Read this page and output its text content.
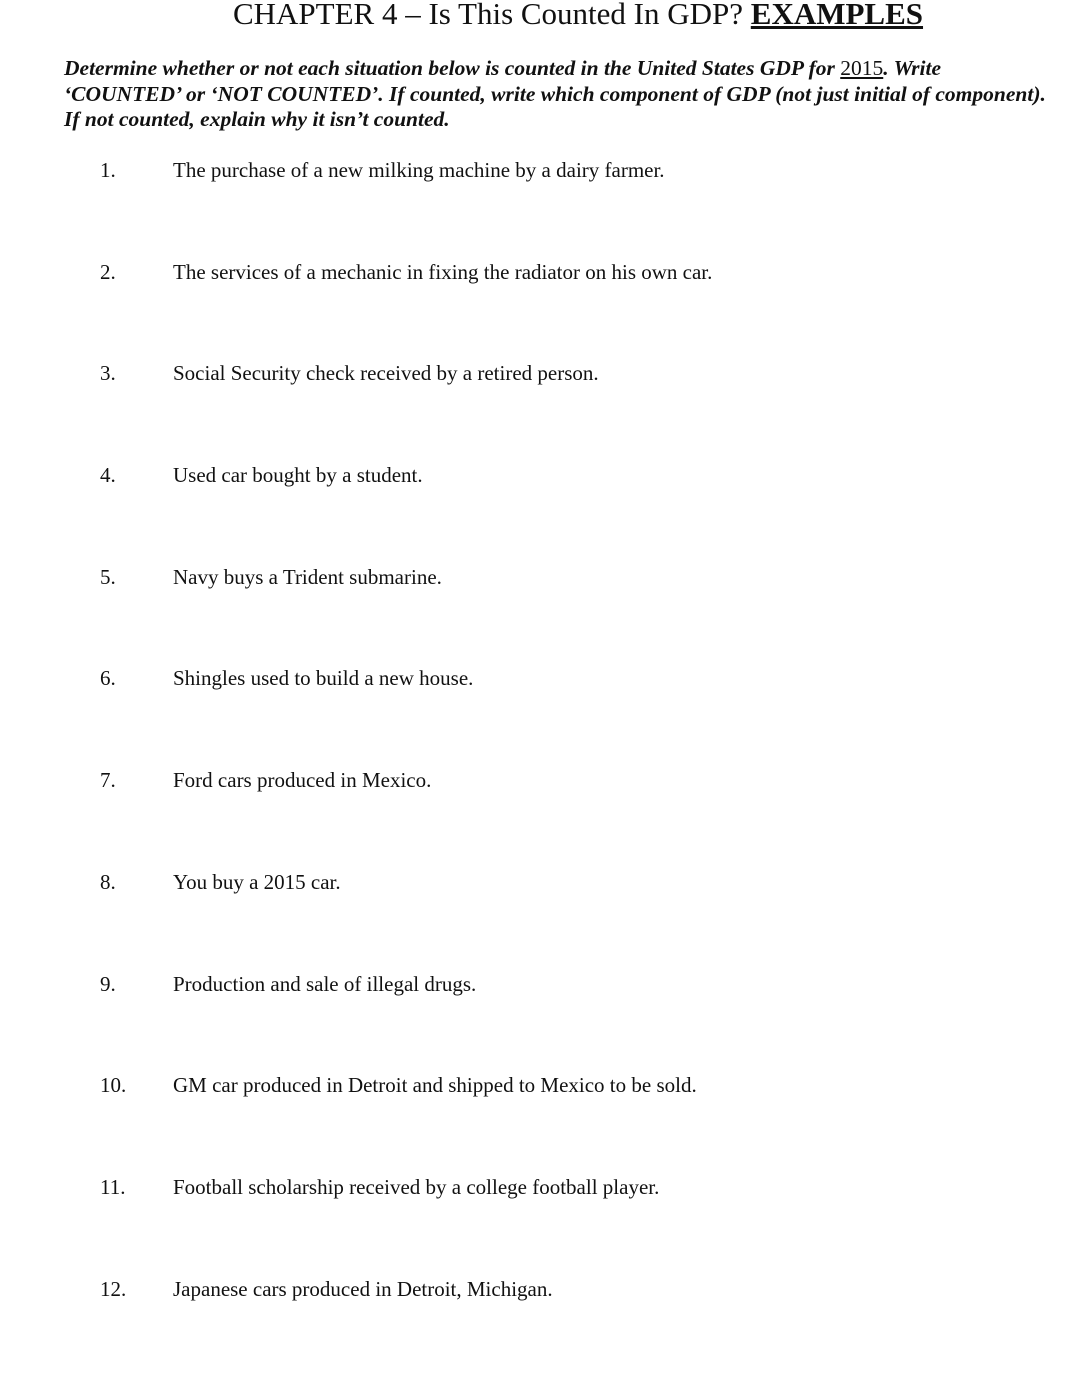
CHAPTER 4 – Is This Counted In GDP? EXAMPLES
Determine whether or not each situation below is counted in the United States GDP for 2015. Write
‘COUNTED’ or ‘NOT COUNTED’. If counted, write which component of GDP (not just initial of component).
If not counted, explain why it isn’t counted.
1.	The purchase of a new milking machine by a dairy farmer.
2.	The services of a mechanic in fixing the radiator on his own car.
3.	Social Security check received by a retired person.
4.	Used car bought by a student.
5.	Navy buys a Trident submarine.
6.	Shingles used to build a new house.
7.	Ford cars produced in Mexico.
8.	You buy a 2015 car.
9.	Production and sale of illegal drugs.
10. GM car produced in Detroit and shipped to Mexico to be sold.
11. Football scholarship received by a college football player.
12. Japanese cars produced in Detroit, Michigan.
